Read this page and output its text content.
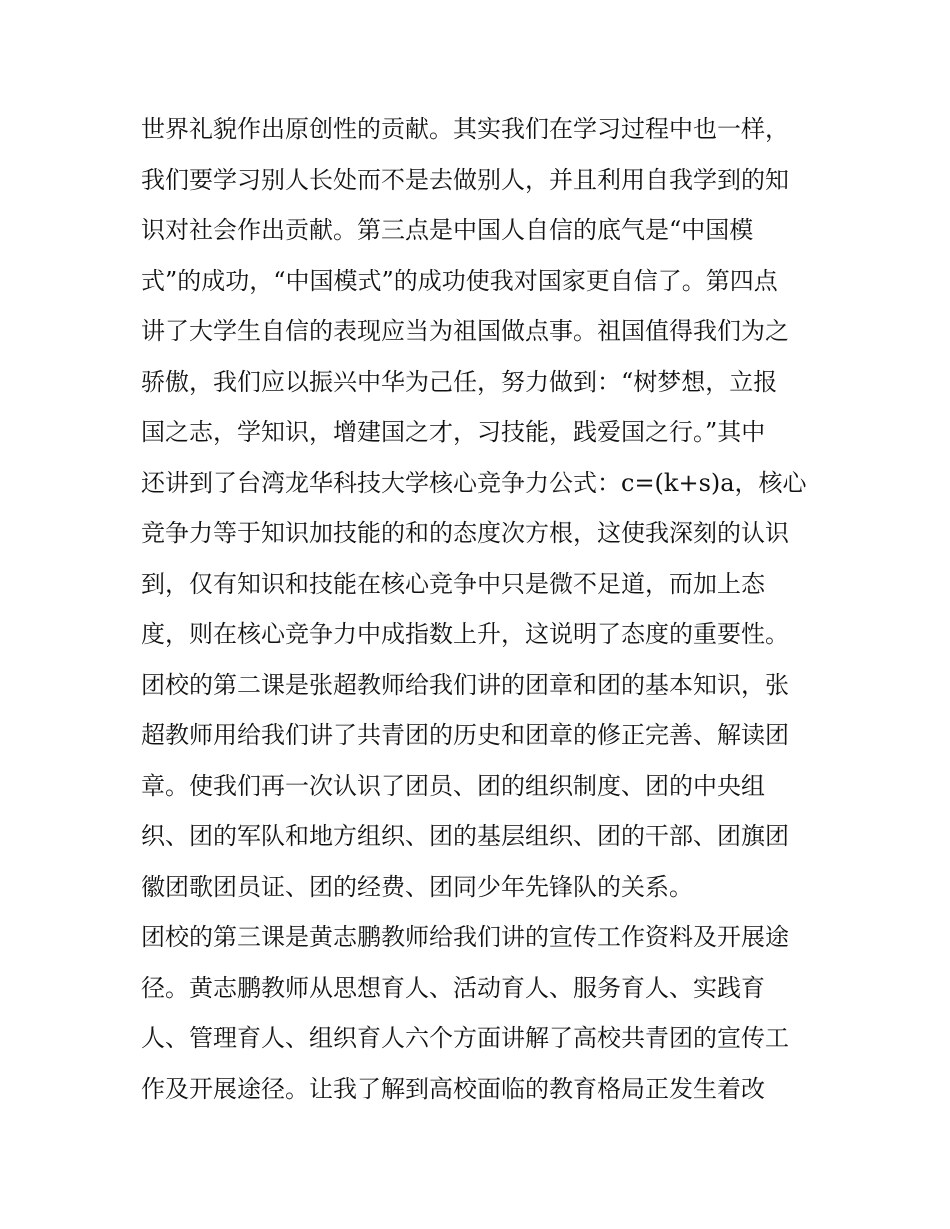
世界礼貌作出原创性的贡献。其实我们在学习过程中也一样，
我们要学习别人长处而不是去做别人，并且利用自我学到的知
识对社会作出贡献。第三点是中国人自信的底气是“中国模
式”的成功，“中国模式”的成功使我对国家更自信了。第四点
讲了大学生自信的表现应当为祖国做点事。祖国值得我们为之
骄傲，我们应以振兴中华为己任，努力做到：“树梦想，立报
国之志，学知识，增建国之才，习技能，践爱国之行。”其中
还讲到了台湾龙华科技大学核心竞争力公式：c=(k+s)a，核心
竞争力等于知识加技能的和的态度次方根，这使我深刻的认识
到，仅有知识和技能在核心竞争中只是微不足道，而加上态
度，则在核心竞争力中成指数上升，这说明了态度的重要性。
团校的第二课是张超教师给我们讲的团章和团的基本知识，张
超教师用给我们讲了共青团的历史和团章的修正完善、解读团
章。使我们再一次认识了团员、团的组织制度、团的中央组
织、团的军队和地方组织、团的基层组织、团的干部、团旗团
徽团歌团员证、团的经费、团同少年先锋队的关系。
团校的第三课是黄志鹏教师给我们讲的宣传工作资料及开展途
径。黄志鹏教师从思想育人、活动育人、服务育人、实践育
人、管理育人、组织育人六个方面讲解了高校共青团的宣传工
作及开展途径。让我了解到高校面临的教育格局正发生着改
